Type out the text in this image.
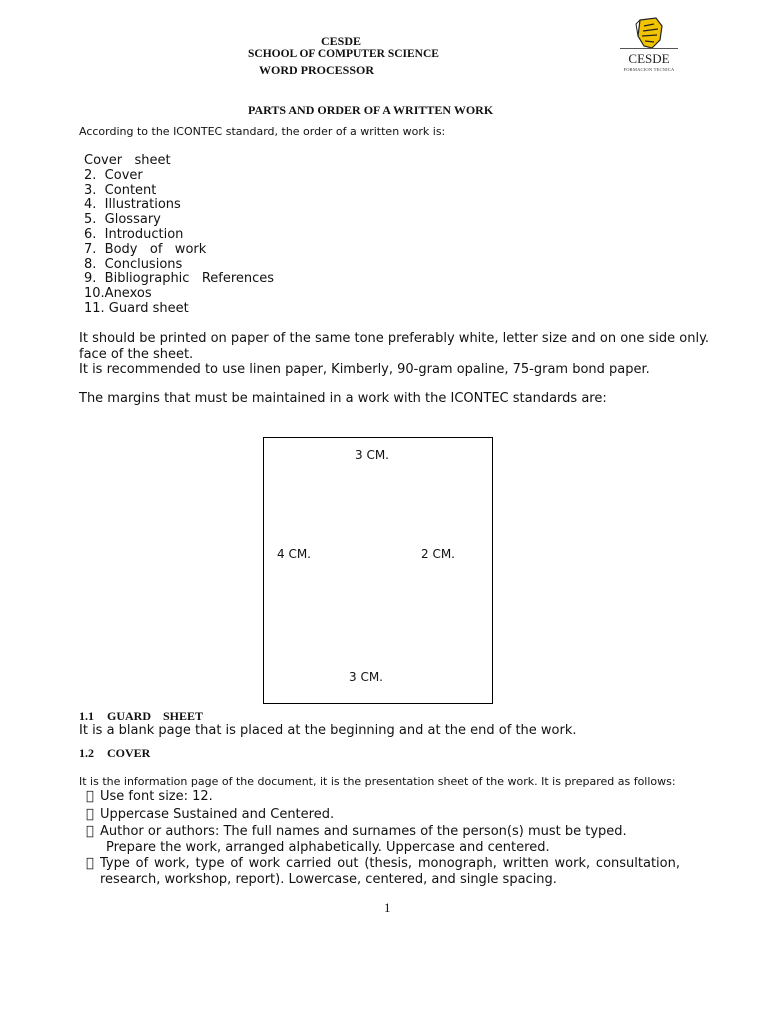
CESDE
SCHOOL OF COMPUTER SCIENCE
WORD PROCESSOR
CESDE
FORMACION TECNICA
PARTS AND ORDER OF A WRITTEN WORK
According to the ICONTEC standard, the order of a written work is:
Cover   sheet
2.  Cover
3.  Content
4.  Illustrations
5.  Glossary
6.  Introduction
7.  Body   of   work
8.  Conclusions
9.  Bibliographic   References
10.Anexos
11. Guard sheet
It should be printed on paper of the same tone preferably white, letter size and on one side only.
face of the sheet.
It is recommended to use linen paper, Kimberly, 90-gram opaline, 75-gram bond paper.
The margins that must be maintained in a work with the ICONTEC standards are:
3 CM.
4 CM.	2 CM.
3 CM.
1.1 GUARD    SHEET
It is a blank page that is placed at the beginning and at the end of the work.
1.2 COVER
It is the information page of the document, it is the presentation sheet of the work. It is prepared as follows:
Use font size: 12.
Uppercase Sustained and Centered.
Author or authors: The full names and surnames of the person(s) must be typed.
Prepare the work, arranged alphabetically. Uppercase and centered.
Type of work, type of work carried out (thesis, monograph, written work, consultation, research, workshop, report). Lowercase, centered, and single spacing.
1
